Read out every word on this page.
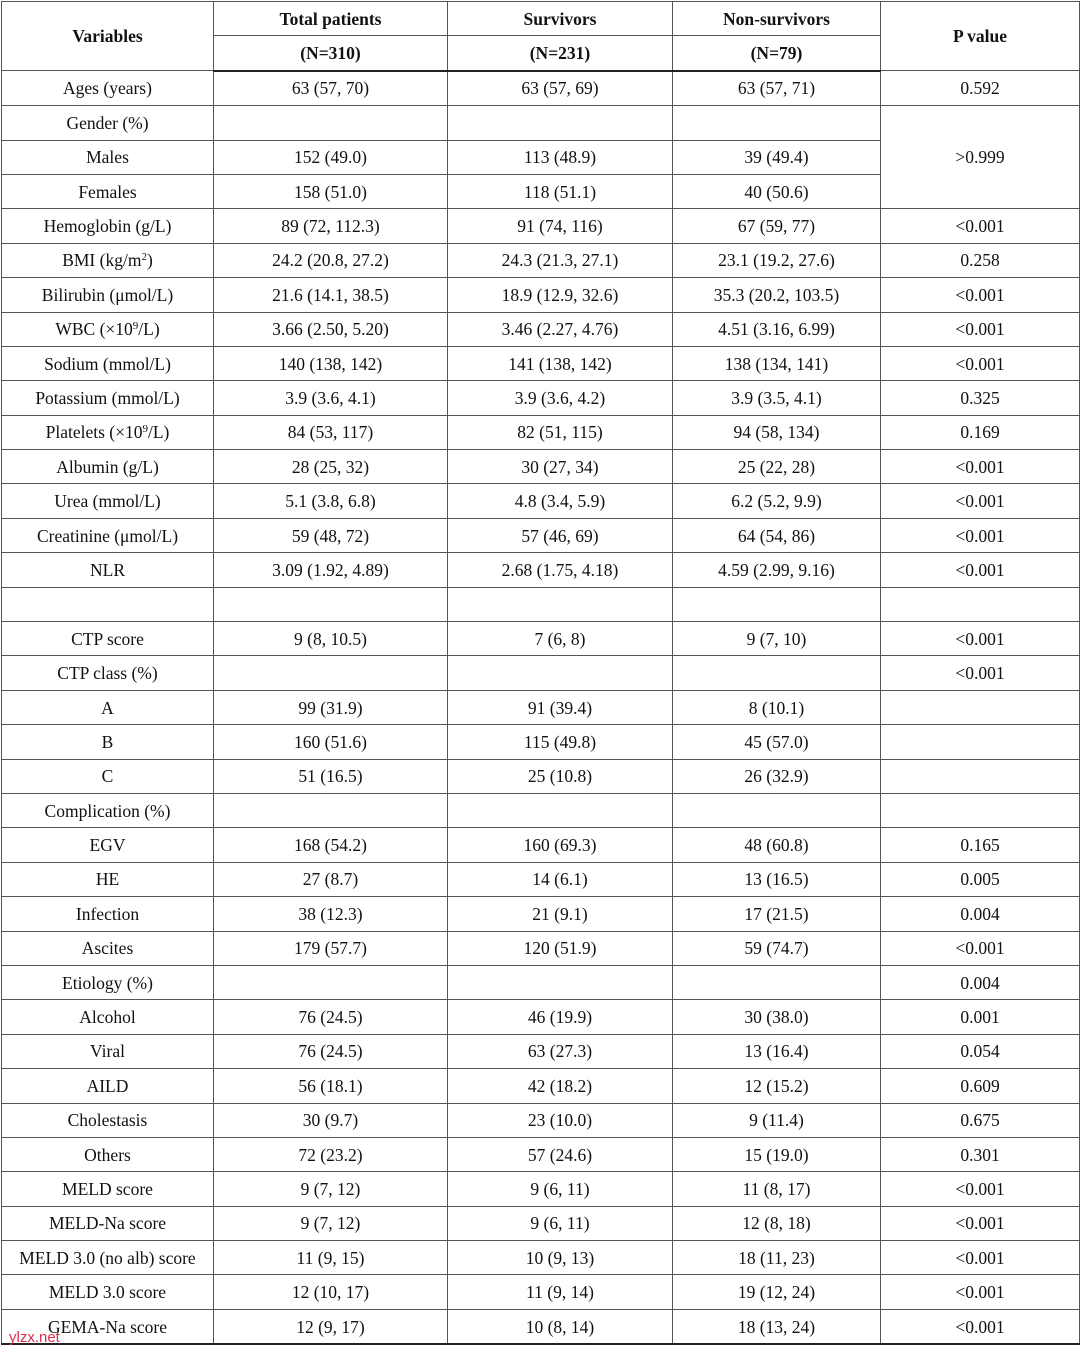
Variables	Total patients	Survivors	Non-survivors	P value
	(N=310)	(N=231)	(N=79)	
Ages (years)	63 (57, 70)	63 (57, 69)	63 (57, 71)	0.592
Gender (%)				>0.999
Males	152 (49.0)	113 (48.9)	39 (49.4)	
Females	158 (51.0)	118 (51.1)	40 (50.6)	
Hemoglobin (g/L)	89 (72, 112.3)	91 (74, 116)	67 (59, 77)	<0.001
BMI $(kg/m^2)$	24.2 (20.8, 27.2)	24.3 (21.3, 27.1)	23.1 (19.2, 27.6)	0.258
Bilirubin (μmol/L)	21.6 (14.1, 38.5)	18.9 (12.9, 32.6)	35.3 (20.2, 103.5)	<0.001
WBC $(\times 10^9/L)$	3.66 (2.50, 5.20)	3.46 (2.27, 4.76)	4.51 (3.16, 6.99)	<0.001
Sodium (mmol/L)	140 (138, 142)	141 (138, 142)	138 (134, 141)	<0.001
Potassium (mmol/L)	3.9 (3.6, 4.1)	3.9 (3.6, 4.2)	3.9 (3.5, 4.1)	0.325
Platelets $(\times 10^9/L)$	84 (53, 117)	82 (51, 115)	94 (58, 134)	0.169
Albumin (g/L)	28 (25, 32)	30 (27, 34)	25 (22, 28)	<0.001
Urea (mmol/L)	5.1 (3.8, 6.8)	4.8 (3.4, 5.9)	6.2 (5.2, 9.9)	<0.001
Creatinine (μmol/L)	59 (48, 72)	57 (46, 69)	64 (54, 86)	<0.001
NLR	3.09 (1.92, 4.89)	2.68 (1.75, 4.18)	4.59 (2.99, 9.16)	<0.001

CTP score	9 (8, 10.5)	7 (6, 8)	9 (7, 10)	<0.001
CTP class (%)				<0.001
A	99 (31.9)	91 (39.4)	8 (10.1)	
B	160 (51.6)	115 (49.8)	45 (57.0)	
C	51 (16.5)	25 (10.8)	26 (32.9)	
Complication (%)				
EGV	168 (54.2)	160 (69.3)	48 (60.8)	0.165
HE	27 (8.7)	14 (6.1)	13 (16.5)	0.005
Infection	38 (12.3)	21 (9.1)	17 (21.5)	0.004
Ascites	179 (57.7)	120 (51.9)	59 (74.7)	<0.001
Etiology (%)				0.004
Alcohol	76 (24.5)	46 (19.9)	30 (38.0)	0.001
Viral	76 (24.5)	63 (27.3)	13 (16.4)	0.054
AILD	56 (18.1)	42 (18.2)	12 (15.2)	0.609
Cholestasis	30 (9.7)	23 (10.0)	9 (11.4)	0.675
Others	72 (23.2)	57 (24.6)	15 (19.0)	0.301
MELD score	9 (7, 12)	9 (6, 11)	11 (8, 17)	<0.001
MELD-Na score	9 (7, 12)	9 (6, 11)	12 (8, 18)	<0.001
MELD 3.0 (no alb) score	11 (9, 15)	10 (9, 13)	18 (11, 23)	<0.001
MELD 3.0 score	12 (10, 17)	11 (9, 14)	19 (12, 24)	<0.001
GEMA-Na score	12 (9, 17)	10 (8, 14)	18 (13, 24)	<0.001
ylzx.net
